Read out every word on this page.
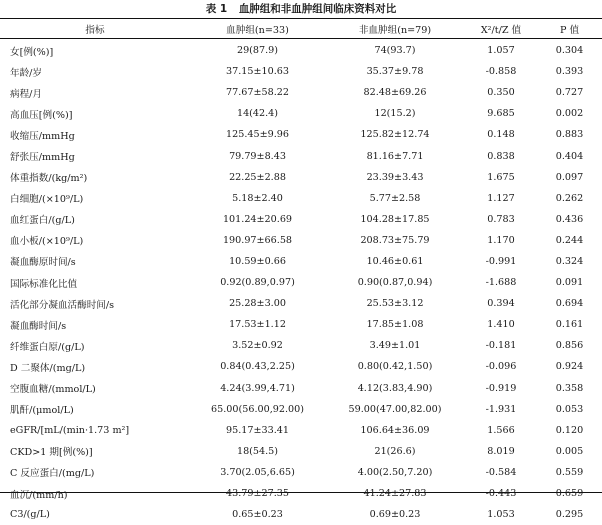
表 1 血肿组和非血肿组间临床资料对比
指标	血肿组(n=33)	非血肿组(n=79)	X²/t/Z 值	P 值

女[例(%)]	29(87.9)	74(93.7)	1.057	0.304
年龄/岁	37.15±10.63	35.37±9.78	-0.858	0.393
病程/月	77.67±58.22	82.48±69.26	0.350	0.727
高血压[例(%)]	14(42.4)	12(15.2)	9.685	0.002
收缩压/mmHg	125.45±9.96	125.82±12.74	0.148	0.883
舒张压/mmHg	79.79±8.43	81.16±7.71	0.838	0.404
体重指数/(kg/m²)	22.25±2.88	23.39±3.43	1.675	0.097
白细胞/(×10⁹/L)	5.18±2.40	5.77±2.58	1.127	0.262
血红蛋白/(g/L)	101.24±20.69	104.28±17.85	0.783	0.436
血小板/(×10⁹/L)	190.97±66.58	208.73±75.79	1.170	0.244
凝血酶原时间/s	10.59±0.66	10.46±0.61	-0.991	0.324
国际标准化比值	0.92(0.89,0.97)	0.90(0.87,0.94)	-1.688	0.091
活化部分凝血活酶时间/s	25.28±3.00	25.53±3.12	0.394	0.694
凝血酶时间/s	17.53±1.12	17.85±1.08	1.410	0.161
纤维蛋白原/(g/L)	3.52±0.92	3.49±1.01	-0.181	0.856
D 二聚体/(mg/L)	0.84(0.43,2.25)	0.80(0.42,1.50)	-0.096	0.924
空腹血糖/(mmol/L)	4.24(3.99,4.71)	4.12(3.83,4.90)	-0.919	0.358
肌酐/(μmol/L)	65.00(56.00,92.00)	59.00(47.00,82.00)	-1.931	0.053
eGFR/[mL/(min·1.73 m²]	95.17±33.41	106.64±36.09	1.566	0.120
CKD>1 期[例(%)]	18(54.5)	21(26.6)	8.019	0.005
C 反应蛋白/(mg/L)	3.70(2.05,6.65)	4.00(2.50,7.20)	-0.584	0.559
血沉/(mm/h)	43.79±27.35	41.24±27.83	-0.443	0.659
C3/(g/L)	0.65±0.23	0.69±0.23	1.053	0.295
